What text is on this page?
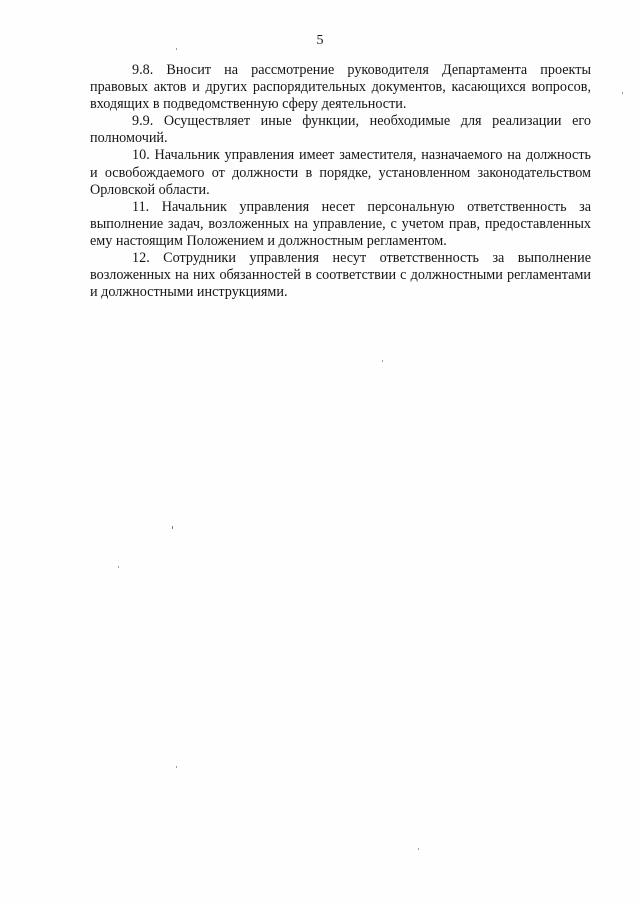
5

9.8. Вносит на рассмотрение руководителя Департамента проекты правовых актов и других распорядительных документов, касающихся вопросов, входящих в подведомственную сферу деятельности.

9.9. Осуществляет иные функции, необходимые для реализации его полномочий.

10. Начальник управления имеет заместителя, назначаемого на должность и освобождаемого от должности в порядке, установленном законодательством Орловской области.

11. Начальник управления несет персональную ответственность за выполнение задач, возложенных на управление, с учетом прав, предоставленных ему настоящим Положением и должностным регламентом.

12. Сотрудники управления несут ответственность за выполнение возложенных на них обязанностей в соответствии с должностными регламентами и должностными инструкциями.
